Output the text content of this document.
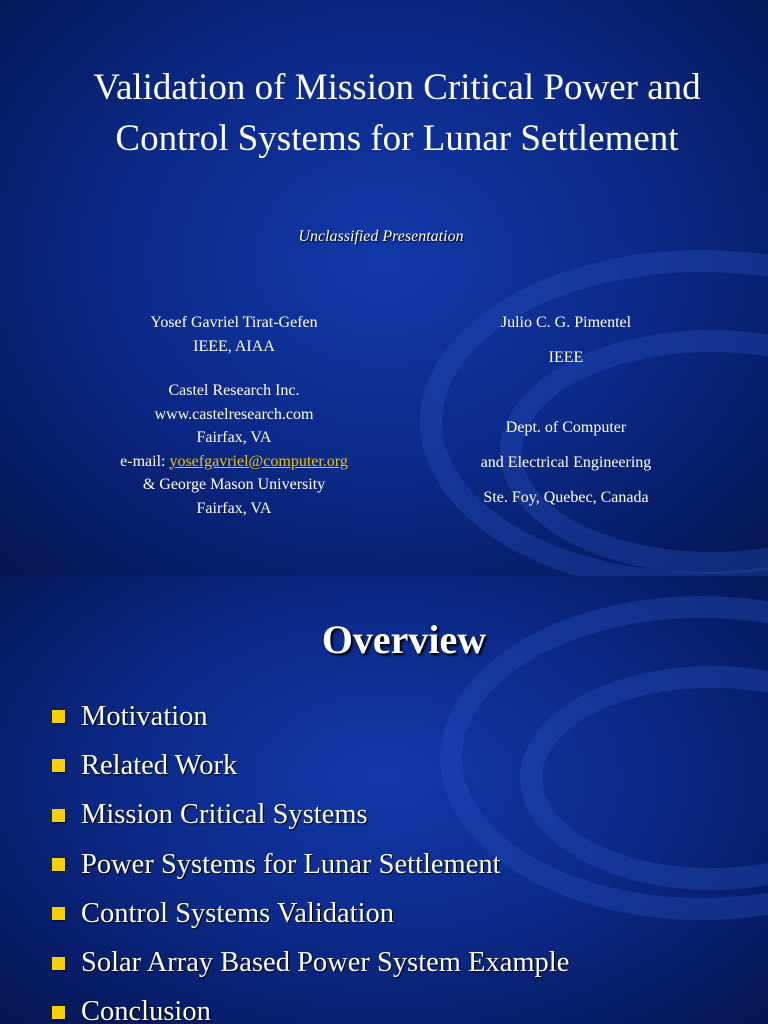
Validation of Mission Critical Power and Control Systems for Lunar Settlement
Unclassified Presentation
Yosef Gavriel Tirat-Gefen
IEEE, AIAA
Castel Research Inc.
www.castelresearch.com
Fairfax, VA
e-mail: yosefgavriel@computer.org
& George Mason University
Fairfax, VA
Julio C. G. Pimentel
IEEE
Dept. of Computer
and Electrical Engineering
Ste. Foy, Quebec, Canada
Overview
Motivation
Related Work
Mission Critical Systems
Power Systems for Lunar Settlement
Control Systems Validation
Solar Array Based Power System Example
Conclusion
